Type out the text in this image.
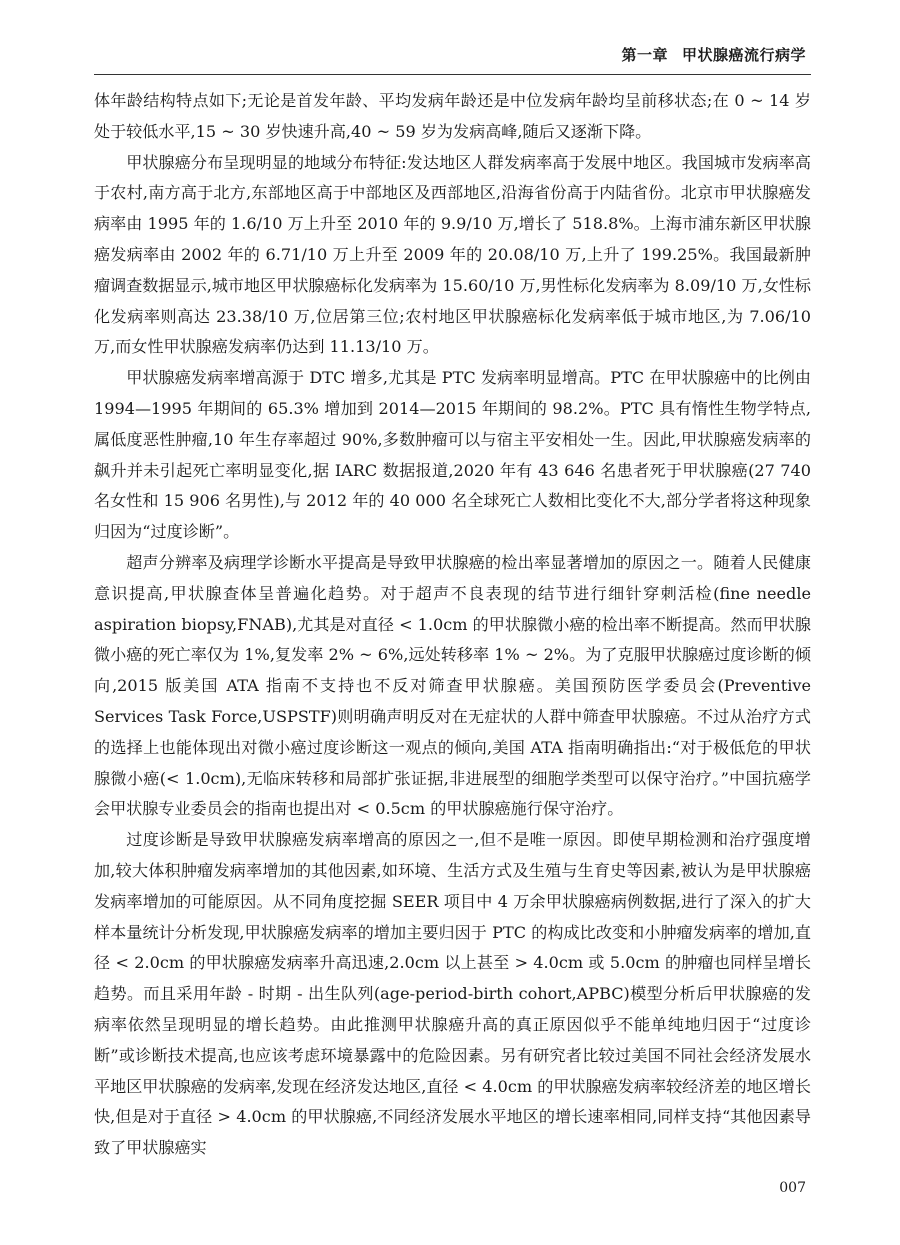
第一章 甲状腺癌流行病学

体年龄结构特点如下;无论是首发年龄、平均发病年龄还是中位发病年龄均呈前移状态;在 0 ~ 14 岁处于较低水平,15 ~ 30 岁快速升高,40 ~ 59 岁为发病高峰,随后又逐渐下降。

甲状腺癌分布呈现明显的地域分布特征:发达地区人群发病率高于发展中地区。我国城市发病率高于农村,南方高于北方,东部地区高于中部地区及西部地区,沿海省份高于内陆省份。北京市甲状腺癌发病率由 1995 年的 1.6/10 万上升至 2010 年的 9.9/10 万,增长了 518.8%。上海市浦东新区甲状腺癌发病率由 2002 年的 6.71/10 万上升至 2009 年的 20.08/10 万,上升了 199.25%。我国最新肿瘤调查数据显示,城市地区甲状腺癌标化发病率为 15.60/10 万,男性标化发病率为 8.09/10 万,女性标化发病率则高达 23.38/10 万,位居第三位;农村地区甲状腺癌标化发病率低于城市地区,为 7.06/10 万,而女性甲状腺癌发病率仍达到 11.13/10 万。

甲状腺癌发病率增高源于 DTC 增多,尤其是 PTC 发病率明显增高。PTC 在甲状腺癌中的比例由 1994—1995 年期间的 65.3% 增加到 2014—2015 年期间的 98.2%。PTC 具有惰性生物学特点,属低度恶性肿瘤,10 年生存率超过 90%,多数肿瘤可以与宿主平安相处一生。因此,甲状腺癌发病率的飙升并未引起死亡率明显变化,据 IARC 数据报道,2020 年有 43 646 名患者死于甲状腺癌(27 740 名女性和 15 906 名男性),与 2012 年的 40 000 名全球死亡人数相比变化不大,部分学者将这种现象归因为“过度诊断”。

超声分辨率及病理学诊断水平提高是导致甲状腺癌的检出率显著增加的原因之一。随着人民健康意识提高,甲状腺查体呈普遍化趋势。对于超声不良表现的结节进行细针穿刺活检(fine needle aspiration biopsy,FNAB),尤其是对直径 < 1.0cm 的甲状腺微小癌的检出率不断提高。然而甲状腺微小癌的死亡率仅为 1%,复发率 2% ~ 6%,远处转移率 1% ~ 2%。为了克服甲状腺癌过度诊断的倾向,2015 版美国 ATA 指南不支持也不反对筛查甲状腺癌。美国预防医学委员会(Preventive Services Task Force,USPSTF)则明确声明反对在无症状的人群中筛查甲状腺癌。不过从治疗方式的选择上也能体现出对微小癌过度诊断这一观点的倾向,美国 ATA 指南明确指出:“对于极低危的甲状腺微小癌(< 1.0cm),无临床转移和局部扩张证据,非进展型的细胞学类型可以保守治疗。”中国抗癌学会甲状腺专业委员会的指南也提出对 < 0.5cm 的甲状腺癌施行保守治疗。

过度诊断是导致甲状腺癌发病率增高的原因之一,但不是唯一原因。即使早期检测和治疗强度增加,较大体积肿瘤发病率增加的其他因素,如环境、生活方式及生殖与生育史等因素,被认为是甲状腺癌发病率增加的可能原因。从不同角度挖掘 SEER 项目中 4 万余甲状腺癌病例数据,进行了深入的扩大样本量统计分析发现,甲状腺癌发病率的增加主要归因于 PTC 的构成比改变和小肿瘤发病率的增加,直径 < 2.0cm 的甲状腺癌发病率升高迅速,2.0cm 以上甚至 > 4.0cm 或 5.0cm 的肿瘤也同样呈增长趋势。而且采用年龄 - 时期 - 出生队列(age-period-birth cohort,APBC)模型分析后甲状腺癌的发病率依然呈现明显的增长趋势。由此推测甲状腺癌升高的真正原因似乎不能单纯地归因于“过度诊断”或诊断技术提高,也应该考虑环境暴露中的危险因素。另有研究者比较过美国不同社会经济发展水平地区甲状腺癌的发病率,发现在经济发达地区,直径 < 4.0cm 的甲状腺癌发病率较经济差的地区增长快,但是对于直径 > 4.0cm 的甲状腺癌,不同经济发展水平地区的增长速率相同,同样支持“其他因素导致了甲状腺癌实

007
